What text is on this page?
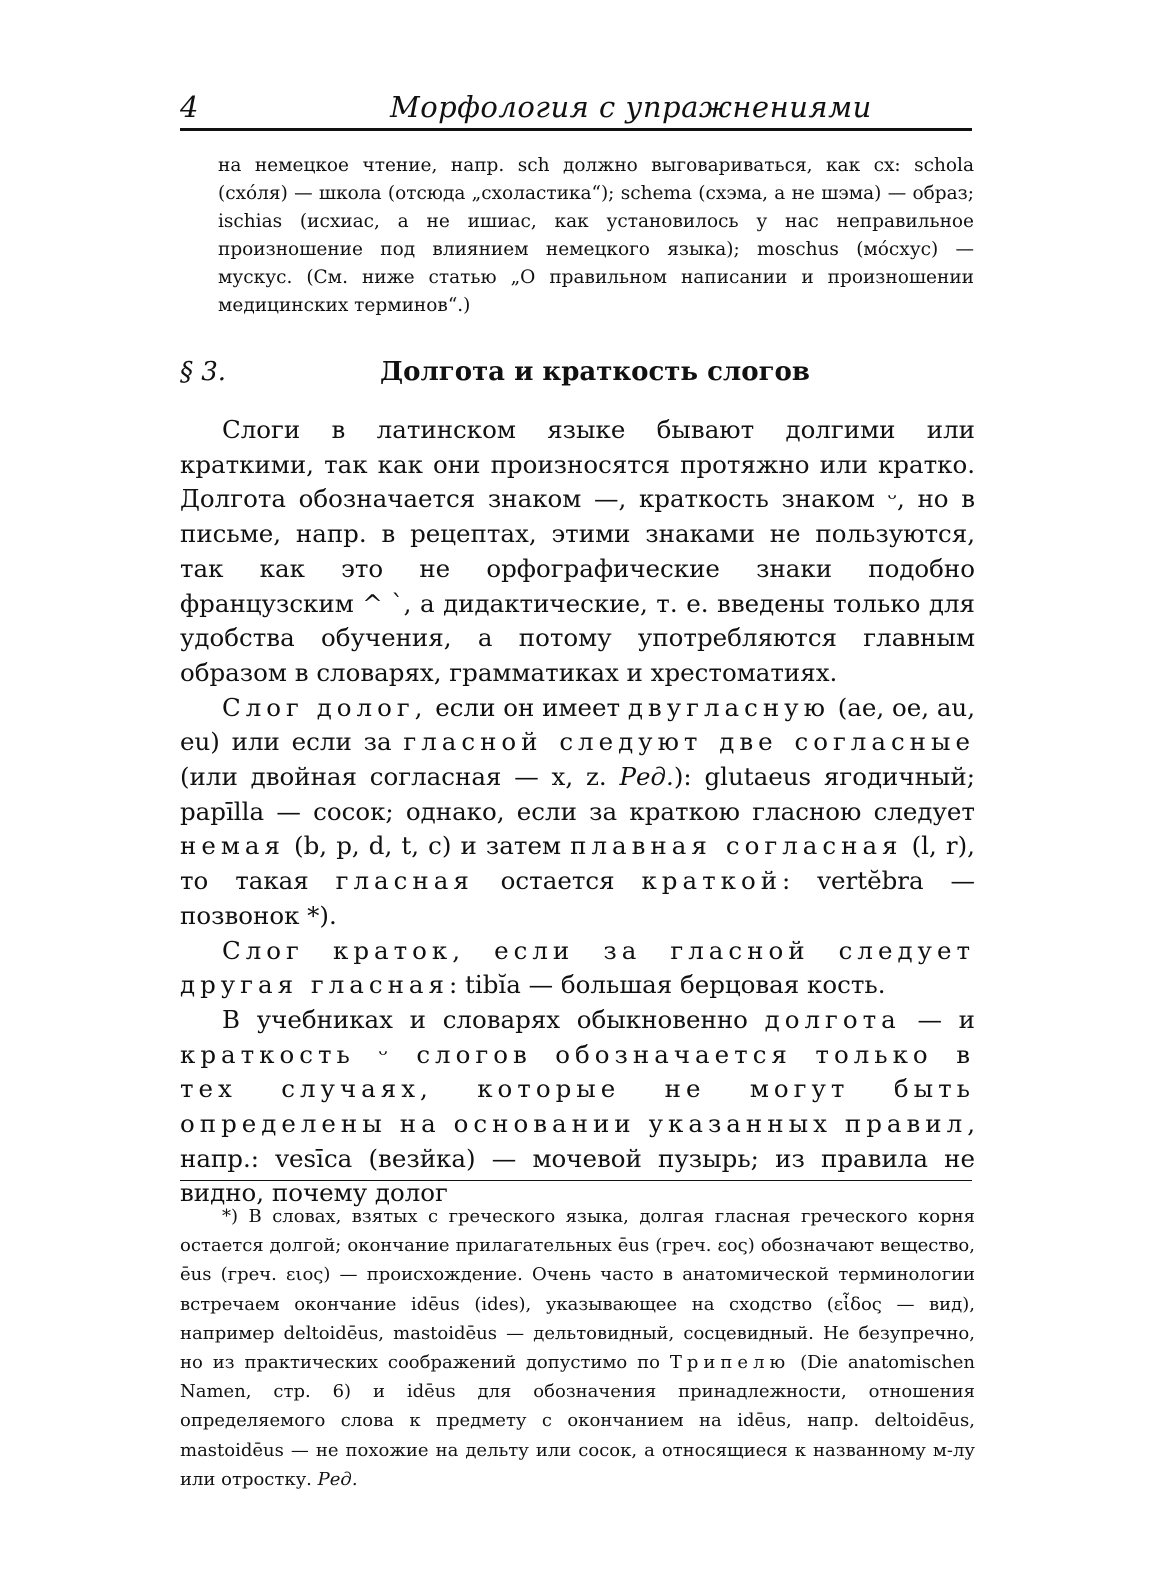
4	Морфология с упражнениями
на немецкое чтение, напр. sch должно выговариваться, как сх: schola (схо́ля) — школа (отсюда „схоластика“); schema (схэма, а не шэма) — образ; ischias (исхиас, а не ишиас, как установилось у нас неправильное произношение под влиянием немецкого языка); moschus (мо́схус) — мускус. (См. ниже статью „О правильном написании и произношении медицинских терминов“.)
§ 3.	Долгота и краткость слогов

Слоги в латинском языке бывают долгими или краткими, так как они произносятся протяжно или кратко. Долгота обозначается знаком —, краткость знаком ᵕ, но в письме, напр. в рецептах, этими знаками не пользуются, так как это не орфографические знаки подобно французским ^ `, а дидактические, т. е. введены только для удобства обучения, а потому употребляются главным образом в словарях, грамматиках и хрестоматиях.

Слог долог, если он имеет двугласную (ae, oe, au, eu) или если за гласной следуют две согласные (или двойная согласная — x, z. Ред.): glutaeus ягодичный; papīlla — сосок; однако, если за краткою гласною следует немая (b, p, d, t, c) и затем плавная согласная (l, r), то такая гласная остается краткой: vertĕbra — позвонок *).

Слог краток, если за гласной следует другая гласная: tibĭa — большая берцовая кость.

В учебниках и словарях обыкновенно долгота — и краткость ᵕ слогов обозначается только в тех случаях, которые не могут быть определены на основании указанных правил, напр.: vesīca (везйка) — мочевой пузырь; из правила не видно, почему долог

*) В словах, взятых с греческого языка, долгая гласная греческого корня остается долгой; окончание прилагательных ēus (греч. εος) обозначают вещество, ēus (греч. ειος) — происхождение. Очень часто в анатомической терминологии встречаем окончание idēus (ides), указывающее на сходство (εἶδος — вид), например deltoidēus, mastoidēus — дельтовидный, сосцевидный. Не безупречно, но из практических соображений допустимо по Трипелю (Die anatomischen Namen, стр. 6) и idēus для обозначения принадлежности, отношения определяемого слова к предмету с окончанием на idēus, напр. deltoidēus, mastoidēus — не похожие на дельту или сосок, а относящиеся к названному м-лу или отростку. Ред.
